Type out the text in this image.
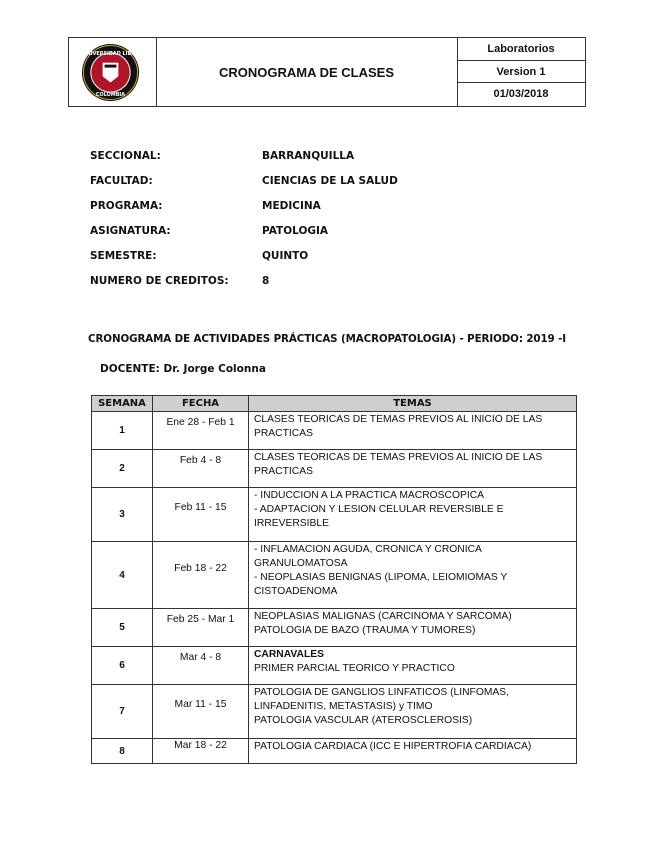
UNIVERSIDAD LIBRE
COLOMBIA
CRONOGRAMA DE CLASES
Laboratorios
Version 1
01/03/2018
SECCIONAL:	BARRANQUILLA
FACULTAD:	CIENCIAS DE LA SALUD
PROGRAMA:	MEDICINA
ASIGNATURA:	PATOLOGIA
SEMESTRE:	QUINTO
NUMERO DE CREDITOS:	8
CRONOGRAMA DE ACTIVIDADES PRÁCTICAS (MACROPATOLOGIA) - PERIODO: 2019 -I
DOCENTE: Dr. Jorge Colonna
SEMANA	FECHA	TEMAS
1	Ene 28 - Feb 1	CLASES TEORICAS DE TEMAS PREVIOS AL INICIO DE LAS
PRACTICAS

2	Feb 4 - 8	CLASES TEORICAS DE TEMAS PREVIOS AL INICIO DE LAS
PRACTICAS

3	Feb 11 - 15	- INDUCCION A LA PRACTICA MACROSCOPICA
- ADAPTACION Y LESION CELULAR REVERSIBLE E
IRREVERSIBLE

4	Feb 18 - 22	- INFLAMACION AGUDA, CRONICA Y CRONICA
GRANULOMATOSA
- NEOPLASIAS BENIGNAS (LIPOMA, LEIOMIOMAS Y
CISTOADENOMA

5	Feb 25 - Mar 1	NEOPLASIAS MALIGNAS (CARCINOMA Y SARCOMA)
PATOLOGIA DE BAZO (TRAUMA Y TUMORES)

6	Mar 4 - 8	CARNAVALES
PRIMER PARCIAL TEORICO Y PRACTICO

7	Mar 11 - 15	PATOLOGIA DE GANGLIOS LINFATICOS (LINFOMAS,
LINFADENITIS, METASTASIS) y TIMO
PATOLOGIA VASCULAR (ATEROSCLEROSIS)

8	Mar 18 - 22	PATOLOGIA CARDIACA (ICC E HIPERTROFIA CARDIACA)
